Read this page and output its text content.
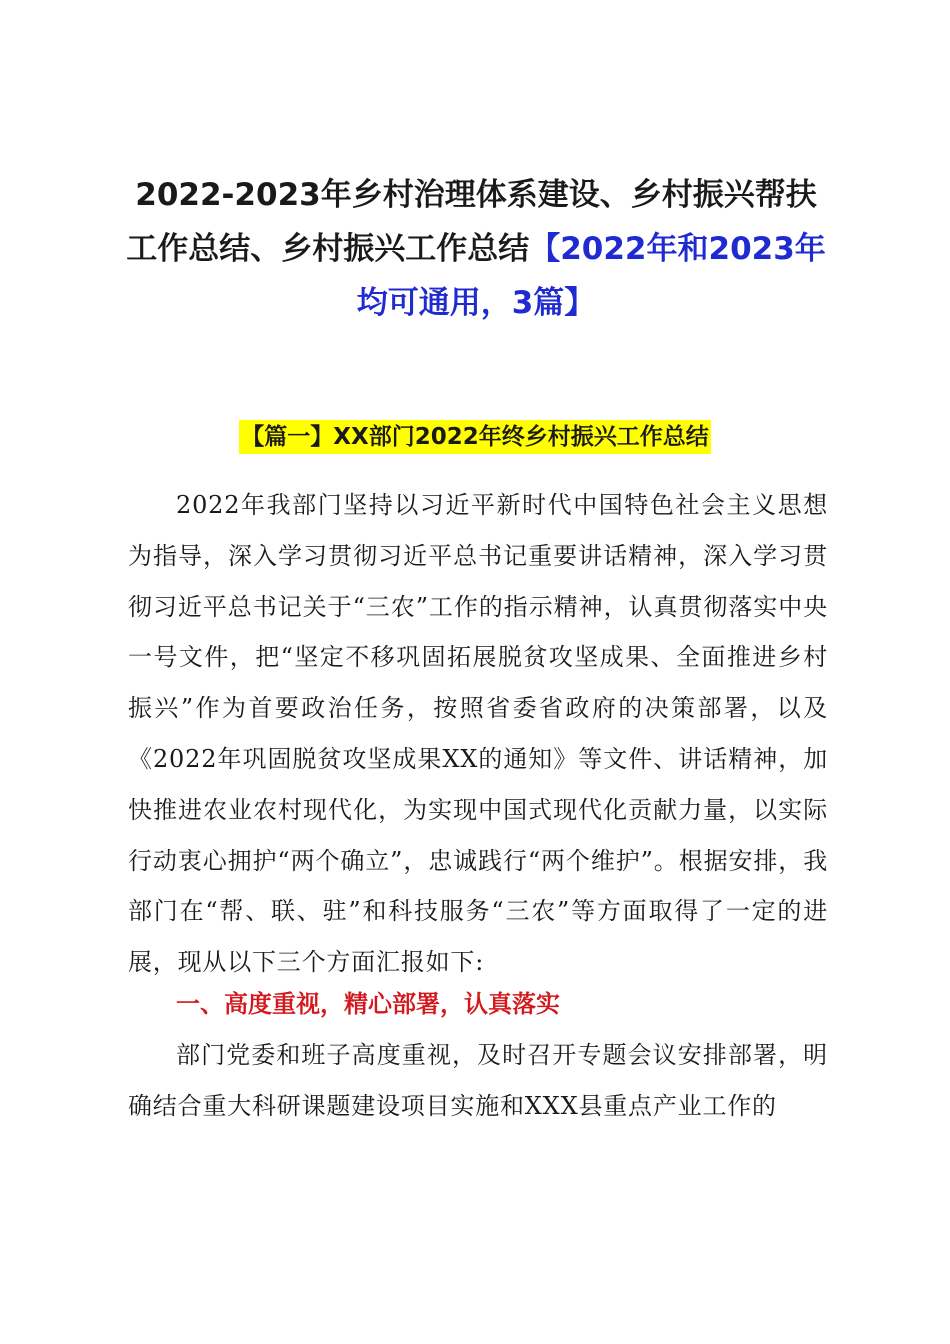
2022-2023年乡村治理体系建设、乡村振兴帮扶工作总结、乡村振兴工作总结【2022年和2023年均可通用，3篇】
【篇一】XX部门2022年终乡村振兴工作总结

2022年我部门坚持以习近平新时代中国特色社会主义思想为指导，深入学习贯彻习近平总书记重要讲话精神，深入学习贯彻习近平总书记关于“三农”工作的指示精神，认真贯彻落实中央一号文件，把“坚定不移巩固拓展脱贫攻坚成果、全面推进乡村振兴”作为首要政治任务，按照省委省政府的决策部署，以及《2022年巩固脱贫攻坚成果XX的通知》等文件、讲话精神，加快推进农业农村现代化，为实现中国式现代化贡献力量，以实际行动衷心拥护“两个确立”，忠诚践行“两个维护”。根据安排，我部门在“帮、联、驻”和科技服务“三农”等方面取得了一定的进展，现从以下三个方面汇报如下:

一、高度重视，精心部署，认真落实

部门党委和班子高度重视，及时召开专题会议安排部署，明确结合重大科研课题建设项目实施和XXX县重点产业工作的
